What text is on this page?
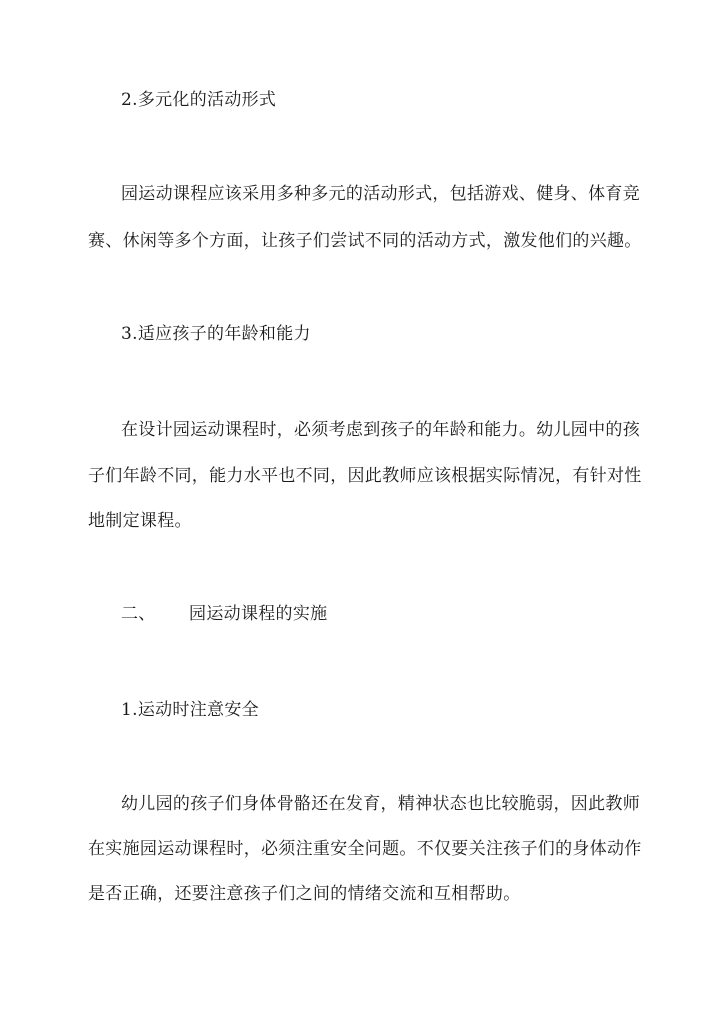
2.多元化的活动形式
园运动课程应该采用多种多元的活动形式，包括游戏、健身、体育竞
赛、休闲等多个方面，让孩子们尝试不同的活动方式，激发他们的兴趣。
3.适应孩子的年龄和能力
在设计园运动课程时，必须考虑到孩子的年龄和能力。幼儿园中的孩
子们年龄不同，能力水平也不同，因此教师应该根据实际情况，有针对性
地制定课程。
二、 园运动课程的实施
1.运动时注意安全
幼儿园的孩子们身体骨骼还在发育，精神状态也比较脆弱，因此教师
在实施园运动课程时，必须注重安全问题。不仅要关注孩子们的身体动作
是否正确，还要注意孩子们之间的情绪交流和互相帮助。
